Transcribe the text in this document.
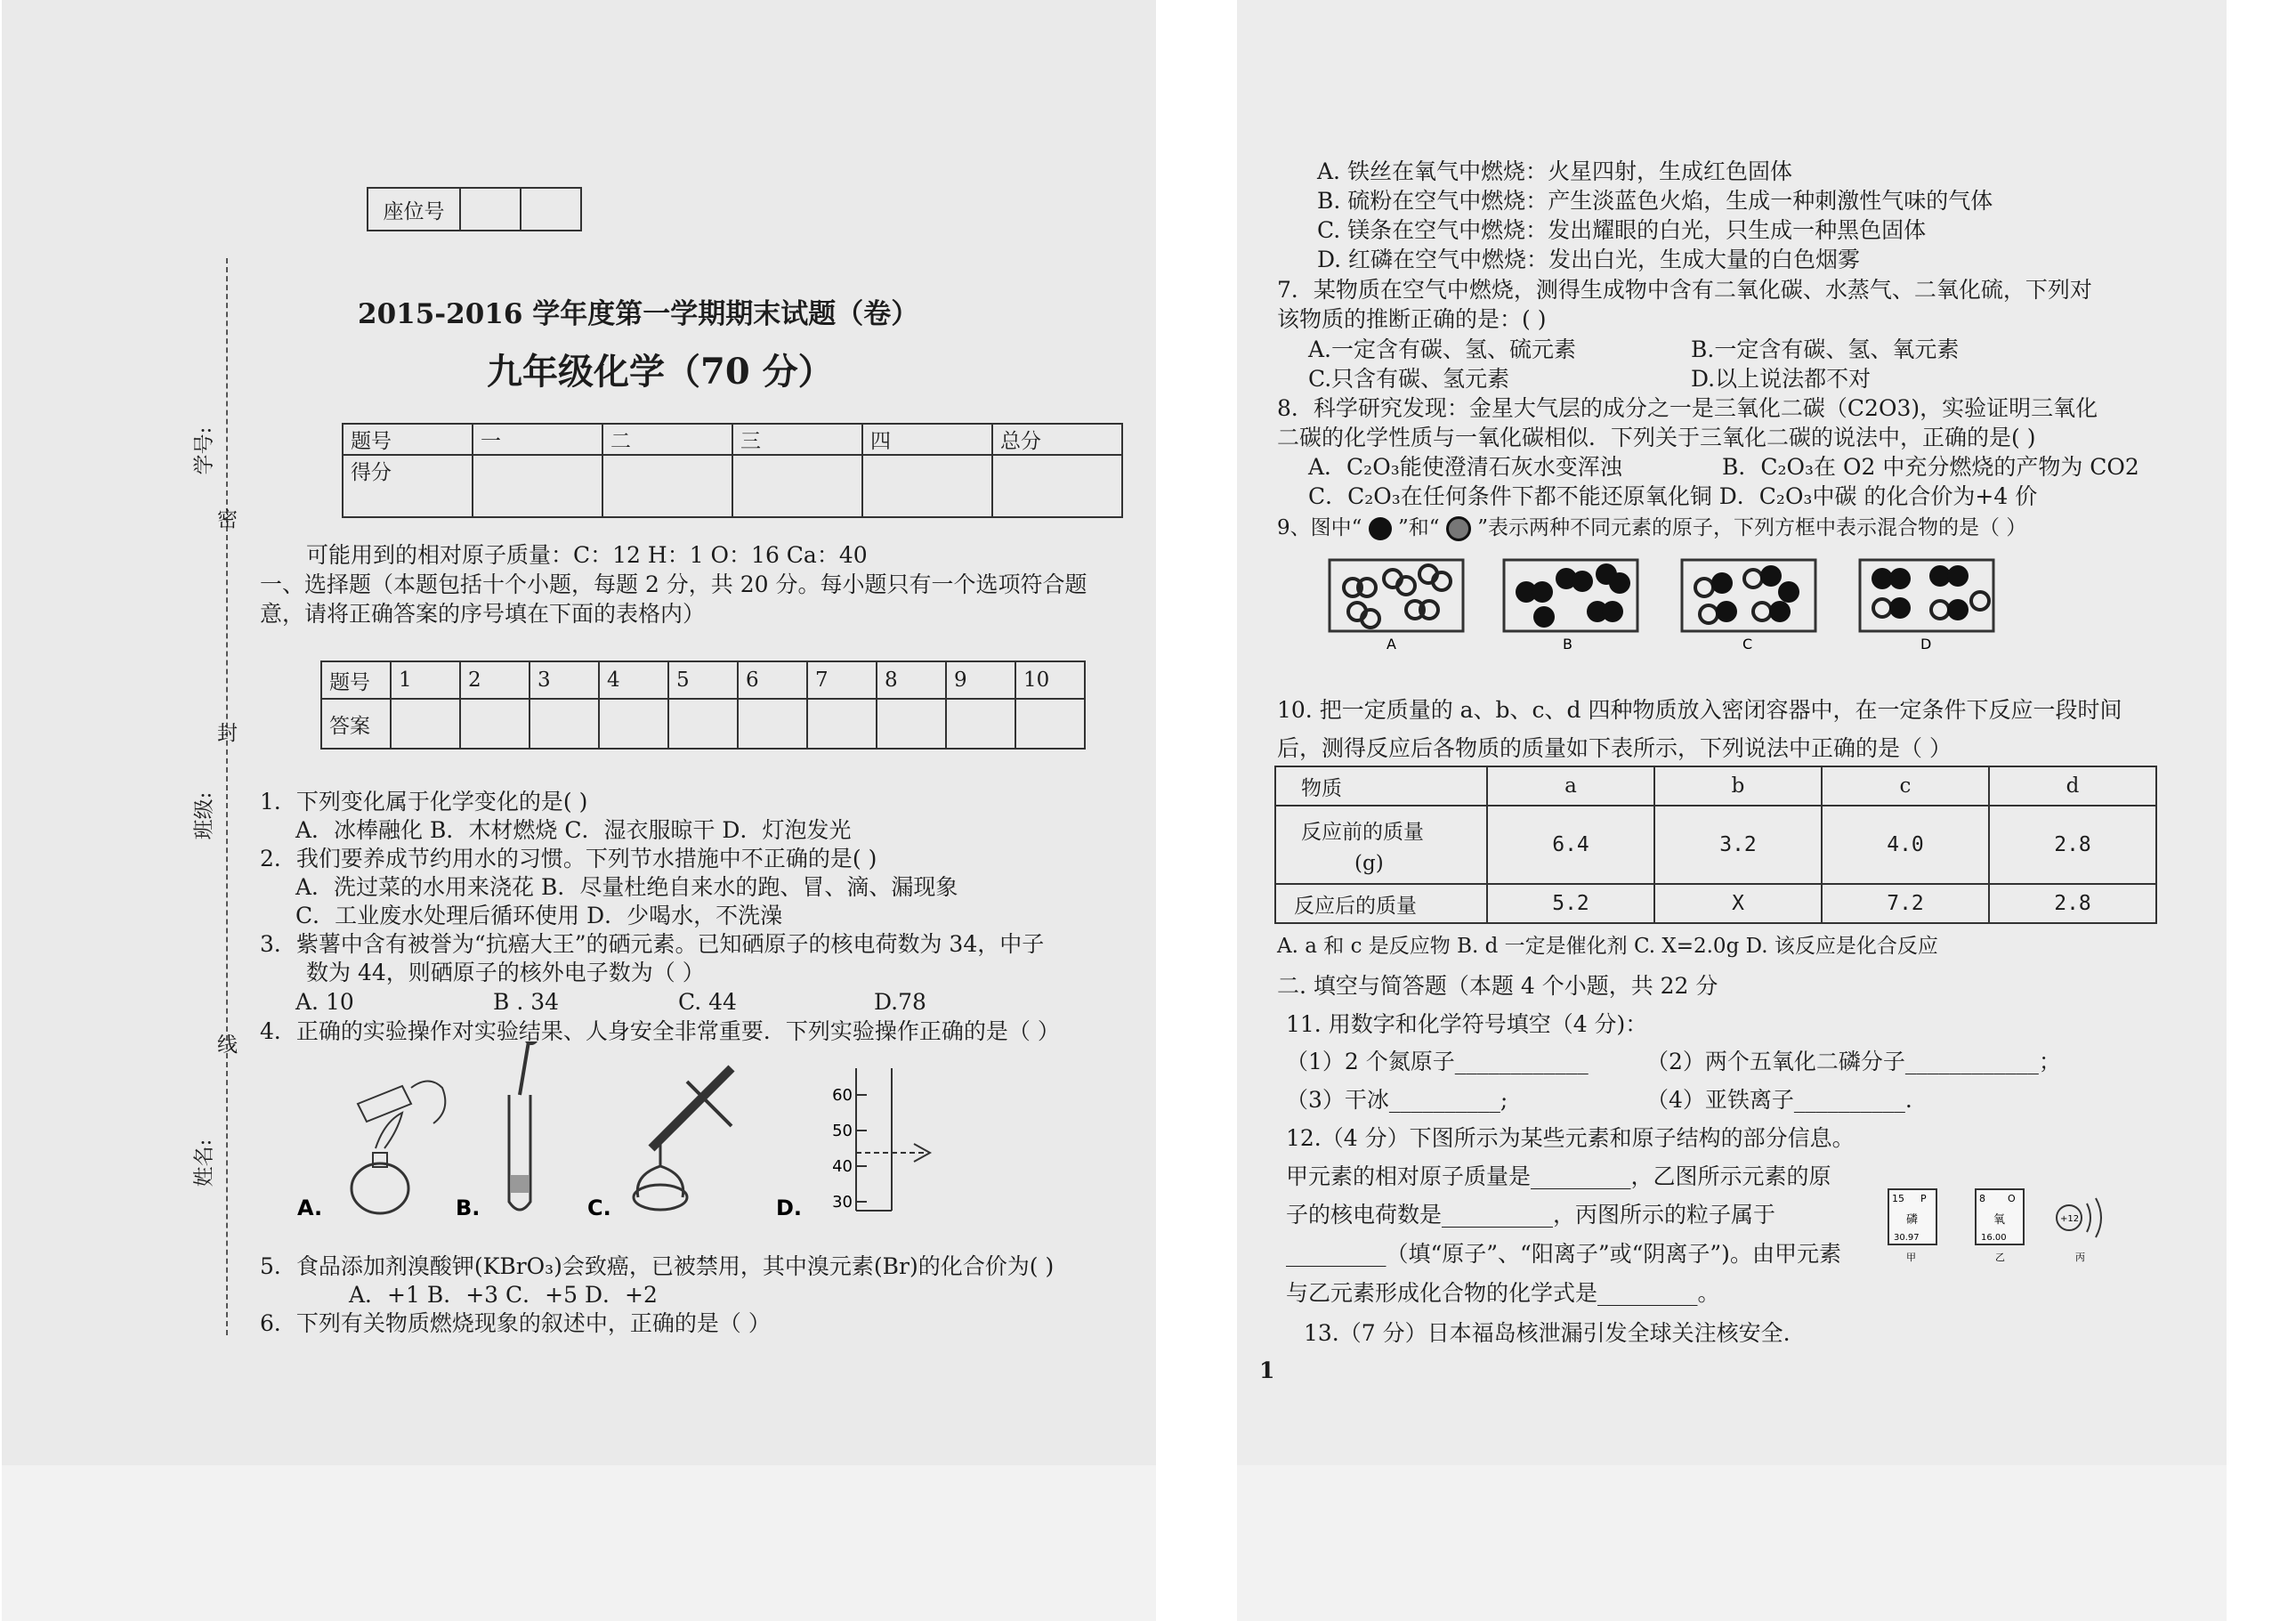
座位号		
学号:
密
班级:
封
线
姓名:
2015-2016 学年度第一学期期末试题（卷）
九年级化学（70 分）
题号	一	二	三	四	总分
得分					
可能用到的相对原子质量：C：12 H：1 O：16 Ca：40
一、选择题（本题包括十个小题，每题 2 分，共 20 分。每小题只有一个选项符合题
意，请将正确答案的序号填在下面的表格内）
题号	1	2	3	4	5	6	7	8	9	10
答案										
1．下列变化属于化学变化的是( )
A．冰棒融化 B．木材燃烧 C．湿衣服晾干 D．灯泡发光
2．我们要养成节约用水的习惯。下列节水措施中不正确的是( )
A．洗过菜的水用来浇花 B．尽量杜绝自来水的跑、冒、滴、漏现象
C．工业废水处理后循环使用 D．少喝水，不洗澡
3．紫薯中含有被誉为“抗癌大王”的硒元素。已知硒原子的核电荷数为 34，中子
数为 44，则硒原子的核外电子数为（ ）
A. 10	B . 34	C. 44	D.78
4．正确的实验操作对实验结果、人身安全非常重要．下列实验操作正确的是（ ）
A.	B.	C.
60
50
40
30
D.
5．食品添加剂溴酸钾(KBrO₃)会致癌，已被禁用，其中溴元素(Br)的化合价为( )
A．+1 B．+3 C．+5 D．+2
6．下列有关物质燃烧现象的叙述中，正确的是（ ）
A. 铁丝在氧气中燃烧：火星四射，生成红色固体
B. 硫粉在空气中燃烧：产生淡蓝色火焰，生成一种刺激性气味的气体
C. 镁条在空气中燃烧：发出耀眼的白光，只生成一种黑色固体
D. 红磷在空气中燃烧：发出白光，生成大量的白色烟雾
7．某物质在空气中燃烧，测得生成物中含有二氧化碳、水蒸气、二氧化硫，下列对
该物质的推断正确的是：( )
A.一定含有碳、氢、硫元素	B.一定含有碳、氢、氧元素
C.只含有碳、氢元素	D.以上说法都不对
8．科学研究发现：金星大气层的成分之一是三氧化二碳（C2O3)，实验证明三氧化
二碳的化学性质与一氧化碳相似．下列关于三氧化二碳的说法中，正确的是( )
A．C₂O₃能使澄清石灰水变浑浊	B．C₂O₃在 O2 中充分燃烧的产物为 CO2
C．C₂O₃在任何条件下都不能还原氧化铜 D．C₂O₃中碳 的化合价为+4 价
9、图中“ ”和“ ”表示两种不同元素的原子，下列方框中表示混合物的是（ ）
A	B	C	D
10. 把一定质量的 a、b、c、d 四种物质放入密闭容器中，在一定条件下反应一段时间
后，测得反应后各物质的质量如下表所示，下列说法中正确的是（ ）
物质	a	b	c	d

反应前的质量
(g)	6.4	3.2	4.0	2.8
反应后的质量	5.2	X	7.2	2.8
A. a 和 c 是反应物 B. d 一定是催化剂 C. X=2.0g D. 该反应是化合反应
二. 填空与简答题（本题 4 个小题，共 22 分
11. 用数字和化学符号填空（4 分)：
（1）2 个氮原子____________	（2）两个五氧化二磷分子____________；
（3）干冰__________;	（4）亚铁离子__________.
12.（4 分）下图所示为某些元素和原子结构的部分信息。
甲元素的相对原子质量是_________，乙图所示元素的原
子的核电荷数是__________，丙图所示的粒子属于
_________（填“原子”、“阳离子”或“阴离子”)。由甲元素
与乙元素形成化合物的化学式是_________。
15 P
磷
30.97
甲
8 O
氧
16.00
乙
+12
丙
13.（7 分）日本福岛核泄漏引发全球关注核安全.
1
